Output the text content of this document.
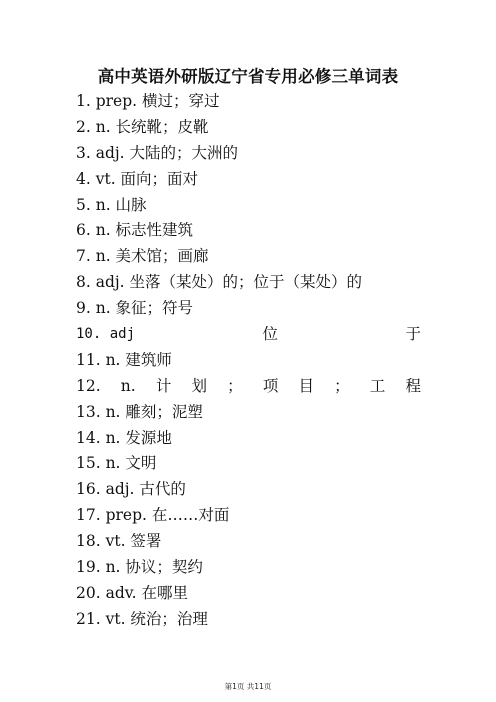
高中英语外研版辽宁省专用必修三单词表
1. prep. 横过；穿过
2. n. 长统靴；皮靴
3. adj. 大陆的；大洲的
4. vt. 面向；面对
5. n. 山脉
6. n. 标志性建筑
7. n. 美术馆；画廊
8. adj. 坐落（某处）的；位于（某处）的
9. n. 象征；符号
10. adj	位	于
11. n. 建筑师
12. n. 计 划 ； 项 目 ； 工 程
13. n. 雕刻；泥塑
14. n. 发源地
15. n. 文明
16. adj. 古代的
17. prep. 在……对面
18. vt. 签署
19. n. 协议；契约
20. adv. 在哪里
21. vt. 统治；治理
第1页 共11页
